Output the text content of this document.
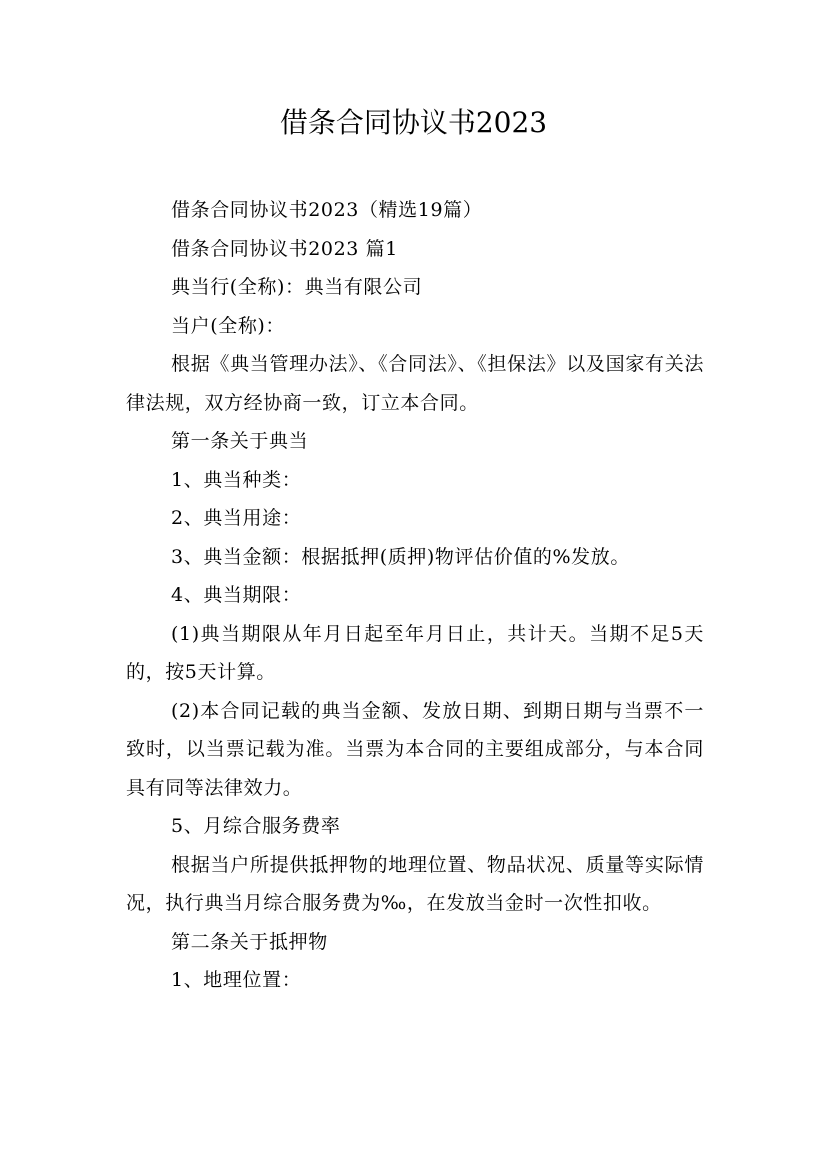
借条合同协议书2023

借条合同协议书2023（精选19篇）

借条合同协议书2023 篇1

典当行(全称)：典当有限公司

当户(全称)：

根据《典当管理办法》、《合同法》、《担保法》以及国家有关法律法规，双方经协商一致，订立本合同。

第一条关于典当

1、典当种类：

2、典当用途：

3、典当金额：根据抵押(质押)物评估价值的%发放。

4、典当期限：

(1)典当期限从年月日起至年月日止，共计天。当期不足5天的，按5天计算。

(2)本合同记载的典当金额、发放日期、到期日期与当票不一致时，以当票记载为准。当票为本合同的主要组成部分，与本合同具有同等法律效力。

5、月综合服务费率

根据当户所提供抵押物的地理位置、物品状况、质量等实际情况，执行典当月综合服务费为‰，在发放当金时一次性扣收。

第二条关于抵押物

1、地理位置：
